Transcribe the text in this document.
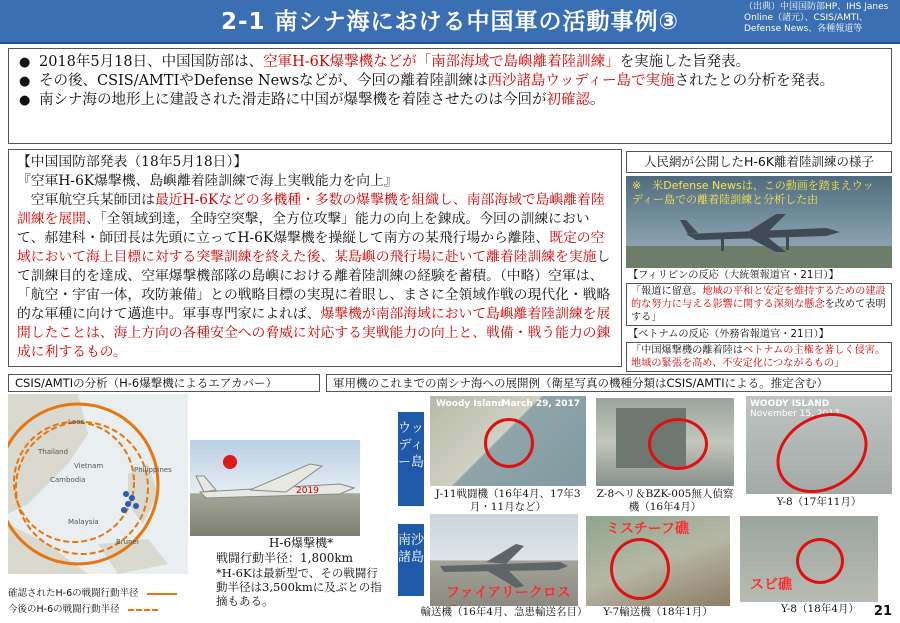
2-1 南シナ海における中国軍の活動事例③
（出典）中国国防部HP、IHS Janes Online（諸元）、CSIS/AMTI、Defense News、各種報道等
● 2018年5月18日、中国国防部は、空軍H-6K爆撃機などが「南部海域で島嶼離着陸訓練」を実施した旨発表。
● その後、CSIS/AMTIやDefense Newsなどが、今回の離着陸訓練は西沙諸島ウッディー島で実施されたとの分析を発表。
● 南シナ海の地形上に建設された滑走路に中国が爆撃機を着陸させたのは今回が初確認。

【中国国防部発表（18年5月18日）】

『空軍H-6K爆撃機、島嶼離着陸訓練で海上実戦能力を向上』

　空軍航空兵某師団は最近H-6Kなどの多機種・多数の爆撃機を組織し、南部海域で島嶼離着陸訓練を展開、「全領域到達，全時空突撃，全方位攻撃」能力の向上を錬成。今回の訓練において、郝建科・師団長は先頭に立ってH-6K爆撃機を操縦して南方の某飛行場から離陸、既定の空域において海上目標に対する突撃訓練を終えた後、某島嶼の飛行場に赴いて離着陸訓練を実施して訓練目的を達成、空軍爆撃機部隊の島嶼における離着陸訓練の経験を蓄積。（中略）空軍は、「航空・宇宙一体，攻防兼備」との戦略目標の実現に着眼し、まさに全領域作戦の現代化・戦略的な軍種に向けて邁進中。軍事専門家によれば、爆撃機が南部海域において島嶼離着陸訓練を展開したことは、海上方向の各種安全への脅威に対応する実戦能力の向上と、戦備・戦う能力の錬成に利するもの。

人民網が公開したH-6K離着陸訓練の様子
※　米Defense Newsは、この動画を踏まえウッディー島での離着陸訓練と分析した由
【フィリピンの反応（大統領報道官・21日）】
「報道に留意。地域の平和と安定を維持するための建設的な努力に与える影響に関する深刻な懸念を改めて表明する」
【ベトナムの反応（外務省報道官・21日）】
「中国爆撃機の離着陸はベトナムの主権を著しく侵害。地域の緊張を高め、不安定化につながるもの」
CSIS/AMTIの分析（H-6爆撃機によるエアカバー）
Laos
Thailand
Cambodia
Vietnam	Philippines
Brunei
Malaysia
2019
H-6爆撃機*
戦闘行動半径：1,800km
*H-6Kは最新型で、その戦闘行動半径は3,500kmに及ぶとの指摘もある。
確認されたH-6の戦闘行動半径
今後のH-6の戦闘行動半径
軍用機のこれまでの南シナ海への展開例（衛星写真の機種分類はCSIS/AMTIによる。推定含む）
ウッディー島
南沙諸島
Woody Island
March 29, 2017
J-11戦闘機（16年4月、17年3月・11月など）
Z-8ヘリ＆BZK-005無人偵察機（16年4月）
WOODY ISLAND
November 15, 2017
Y-8（17年11月）
ファイアリークロス
輸送機（16年4月、急患輸送名目）
ミスチーフ礁
Y-7輸送機（18年1月）
スビ礁
Y-8（18年4月）	21
